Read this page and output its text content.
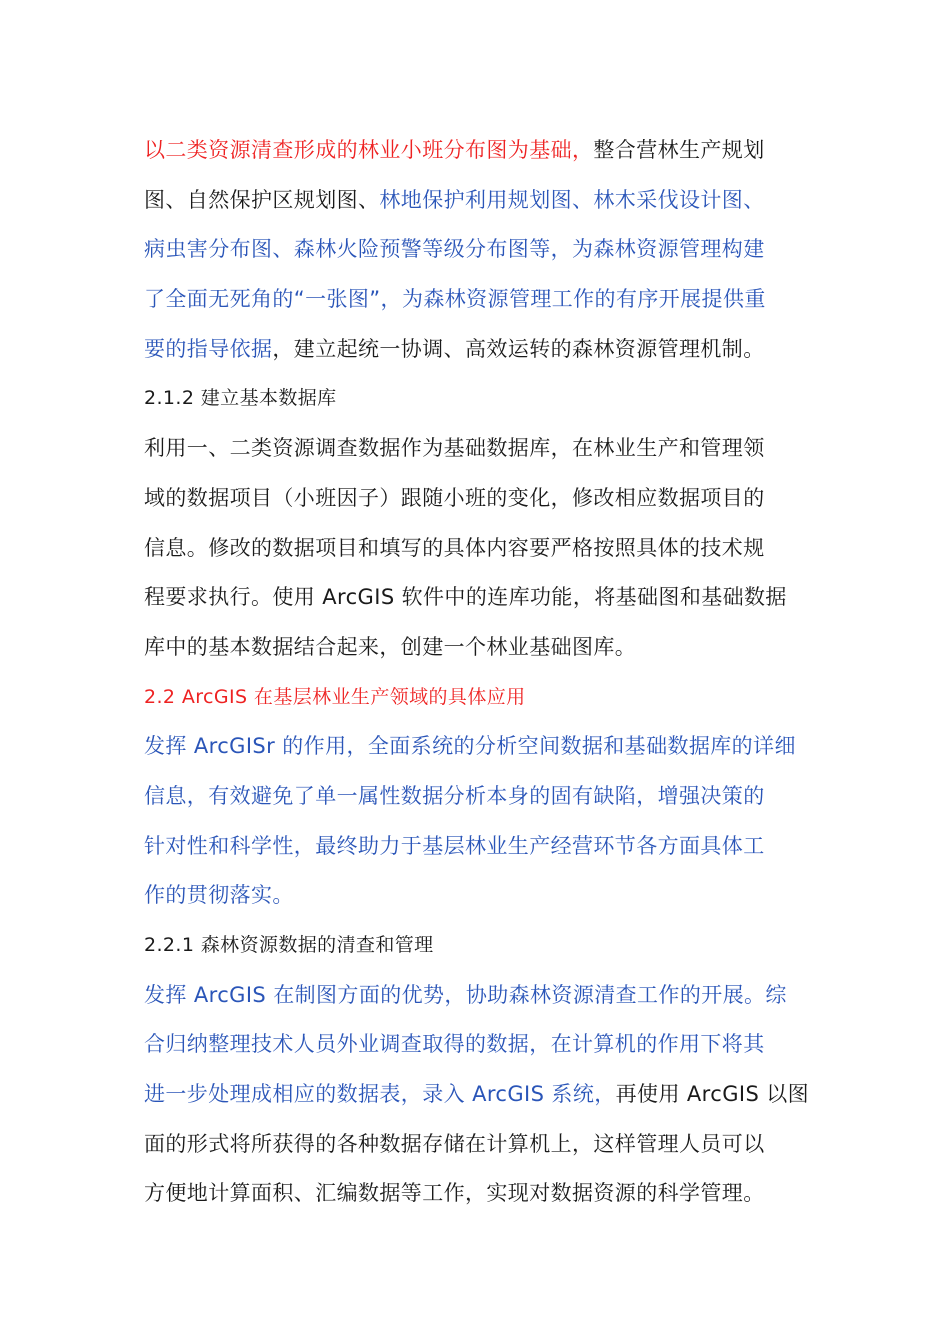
以二类资源清查形成的林业小班分布图为基础，整合营林生产规划
图、自然保护区规划图、林地保护利用规划图、林木采伐设计图、
病虫害分布图、森林火险预警等级分布图等，为森林资源管理构建
了全面无死角的“一张图”，为森林资源管理工作的有序开展提供重
要的指导依据，建立起统一协调、高效运转的森林资源管理机制。

2.1.2 建立基本数据库

利用一、二类资源调查数据作为基础数据库，在林业生产和管理领
域的数据项目（小班因子）跟随小班的变化，修改相应数据项目的
信息。修改的数据项目和填写的具体内容要严格按照具体的技术规
程要求执行。使用 ArcGIS 软件中的连库功能，将基础图和基础数据
库中的基本数据结合起来，创建一个林业基础图库。

2.2 ArcGIS 在基层林业生产领域的具体应用

发挥 ArcGISr 的作用，全面系统的分析空间数据和基础数据库的详细
信息，有效避免了单一属性数据分析本身的固有缺陷，增强决策的
针对性和科学性，最终助力于基层林业生产经营环节各方面具体工
作的贯彻落实。

2.2.1 森林资源数据的清查和管理

发挥 ArcGIS 在制图方面的优势，协助森林资源清查工作的开展。综
合归纳整理技术人员外业调查取得的数据，在计算机的作用下将其
进一步处理成相应的数据表，录入 ArcGIS 系统，再使用 ArcGIS 以图
面的形式将所获得的各种数据存储在计算机上，这样管理人员可以
方便地计算面积、汇编数据等工作，实现对数据资源的科学管理。
